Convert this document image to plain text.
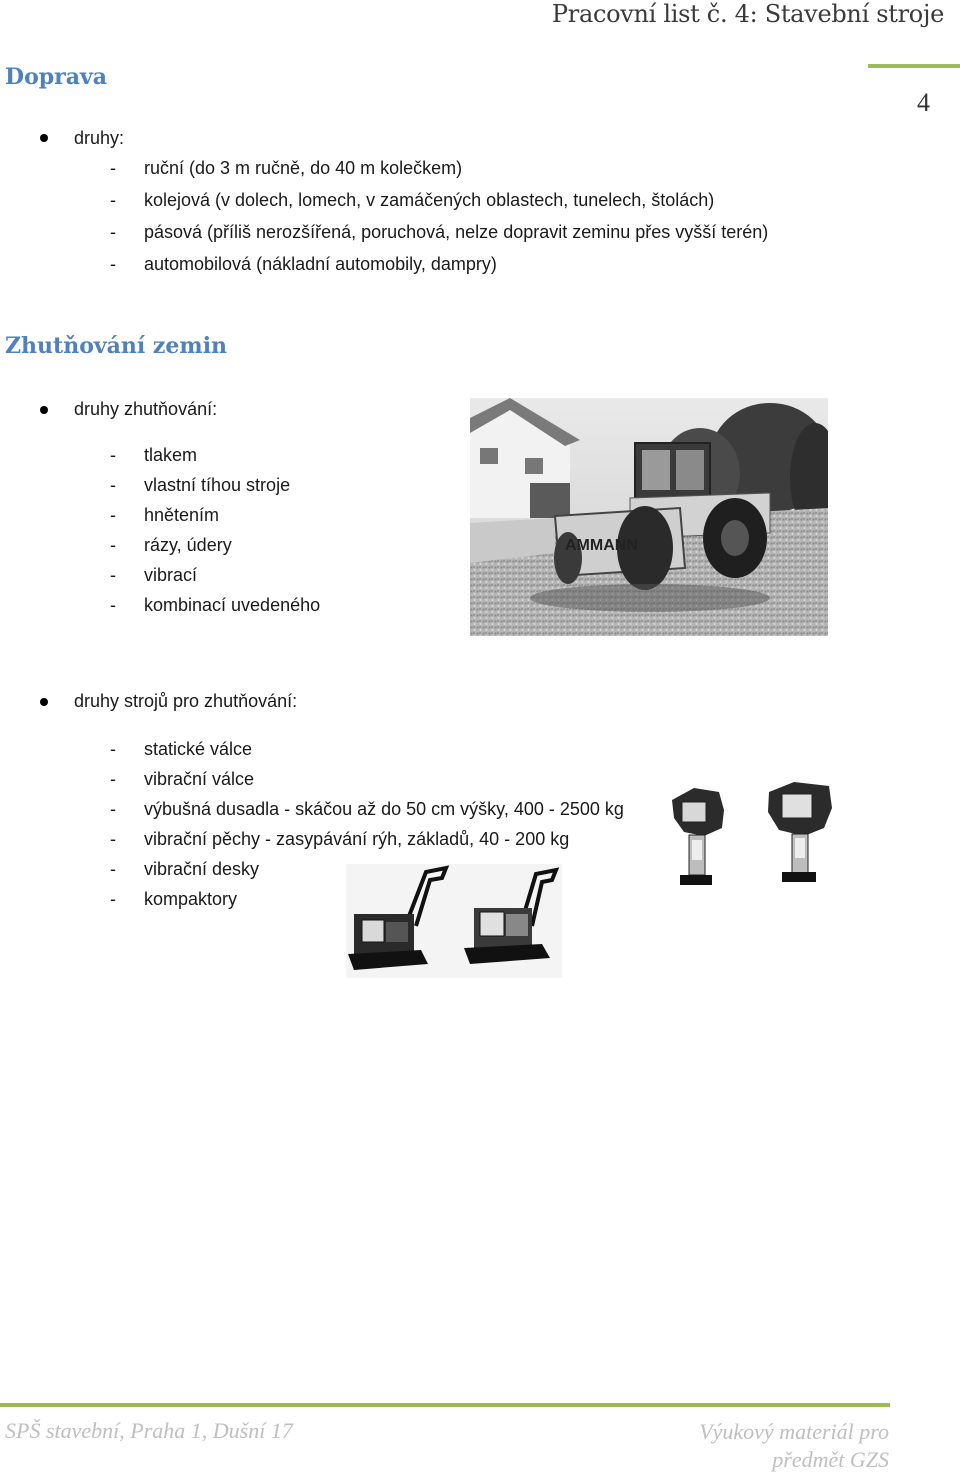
Pracovní list č. 4: Stavební stroje
4
Doprava
druhy:
- ruční (do 3 m ručně, do 40 m kolečkem)
- kolejová (v dolech, lomech, v zamáčených oblastech, tunelech, štolách)
- pásová (příliš nerozšířená, poruchová, nelze dopravit zeminu přes vyšší terén)
- automobilová (nákladní automobily, dampry)
Zhutňování zemin
druhy zhutňování:
- tlakem
- vlastní tíhou stroje
- hnětením
- rázy, údery
- vibrací
- kombinací uvedeného
AMMANN
druhy strojů pro zhutňování:
- statické válce
- vibrační válce
- výbušná dusadla - skáčou až do 50 cm výšky, 400 - 2500 kg
- vibrační pěchy - zasypávání rýh, základů, 40 - 200 kg
- vibrační desky
- kompaktory
SPŠ stavební, Praha 1, Dušní 17	Výukový materiál pro předmět GZS
